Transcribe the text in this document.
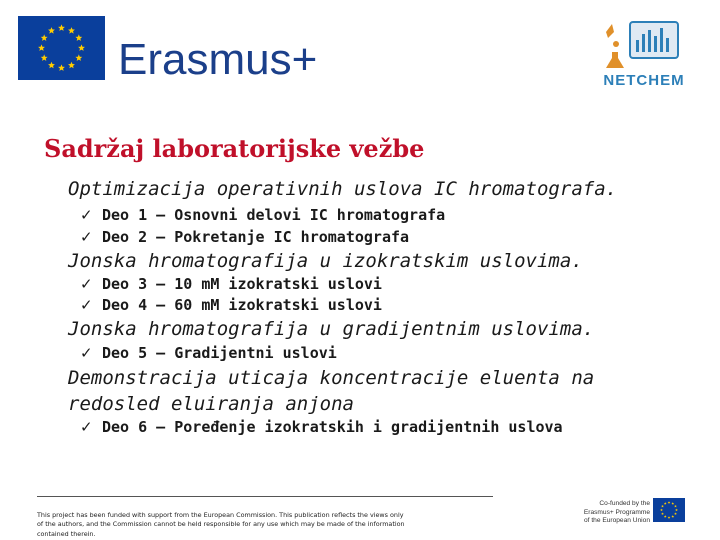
Erasmus+	NETCHEM
Sadržaj laboratorijske vežbe
Optimizacija operativnih uslova IC hromatografa.
✓ Deo 1 – Osnovni delovi IC hromatografa
✓ Deo 2 – Pokretanje IC hromatografa
Jonska hromatografija u izokratskim uslovima.
✓ Deo 3 – 10 mM izokratski uslovi
✓ Deo 4 – 60 mM izokratski uslovi
Jonska hromatografija u gradijentnim uslovima.
✓ Deo 5 – Gradijentni uslovi
Demonstracija uticaja koncentracije eluenta na
redosled eluiranja anjona
✓ Deo 6 – Poređenje izokratskih i gradijentnih uslova
This project has been funded with support from the European Commission. This publication reflects the views only
of the authors, and the Commission cannot be held responsible for any use which may be made of the information
contained therein.
Co-funded by the
Erasmus+ Programme
of the European Union
